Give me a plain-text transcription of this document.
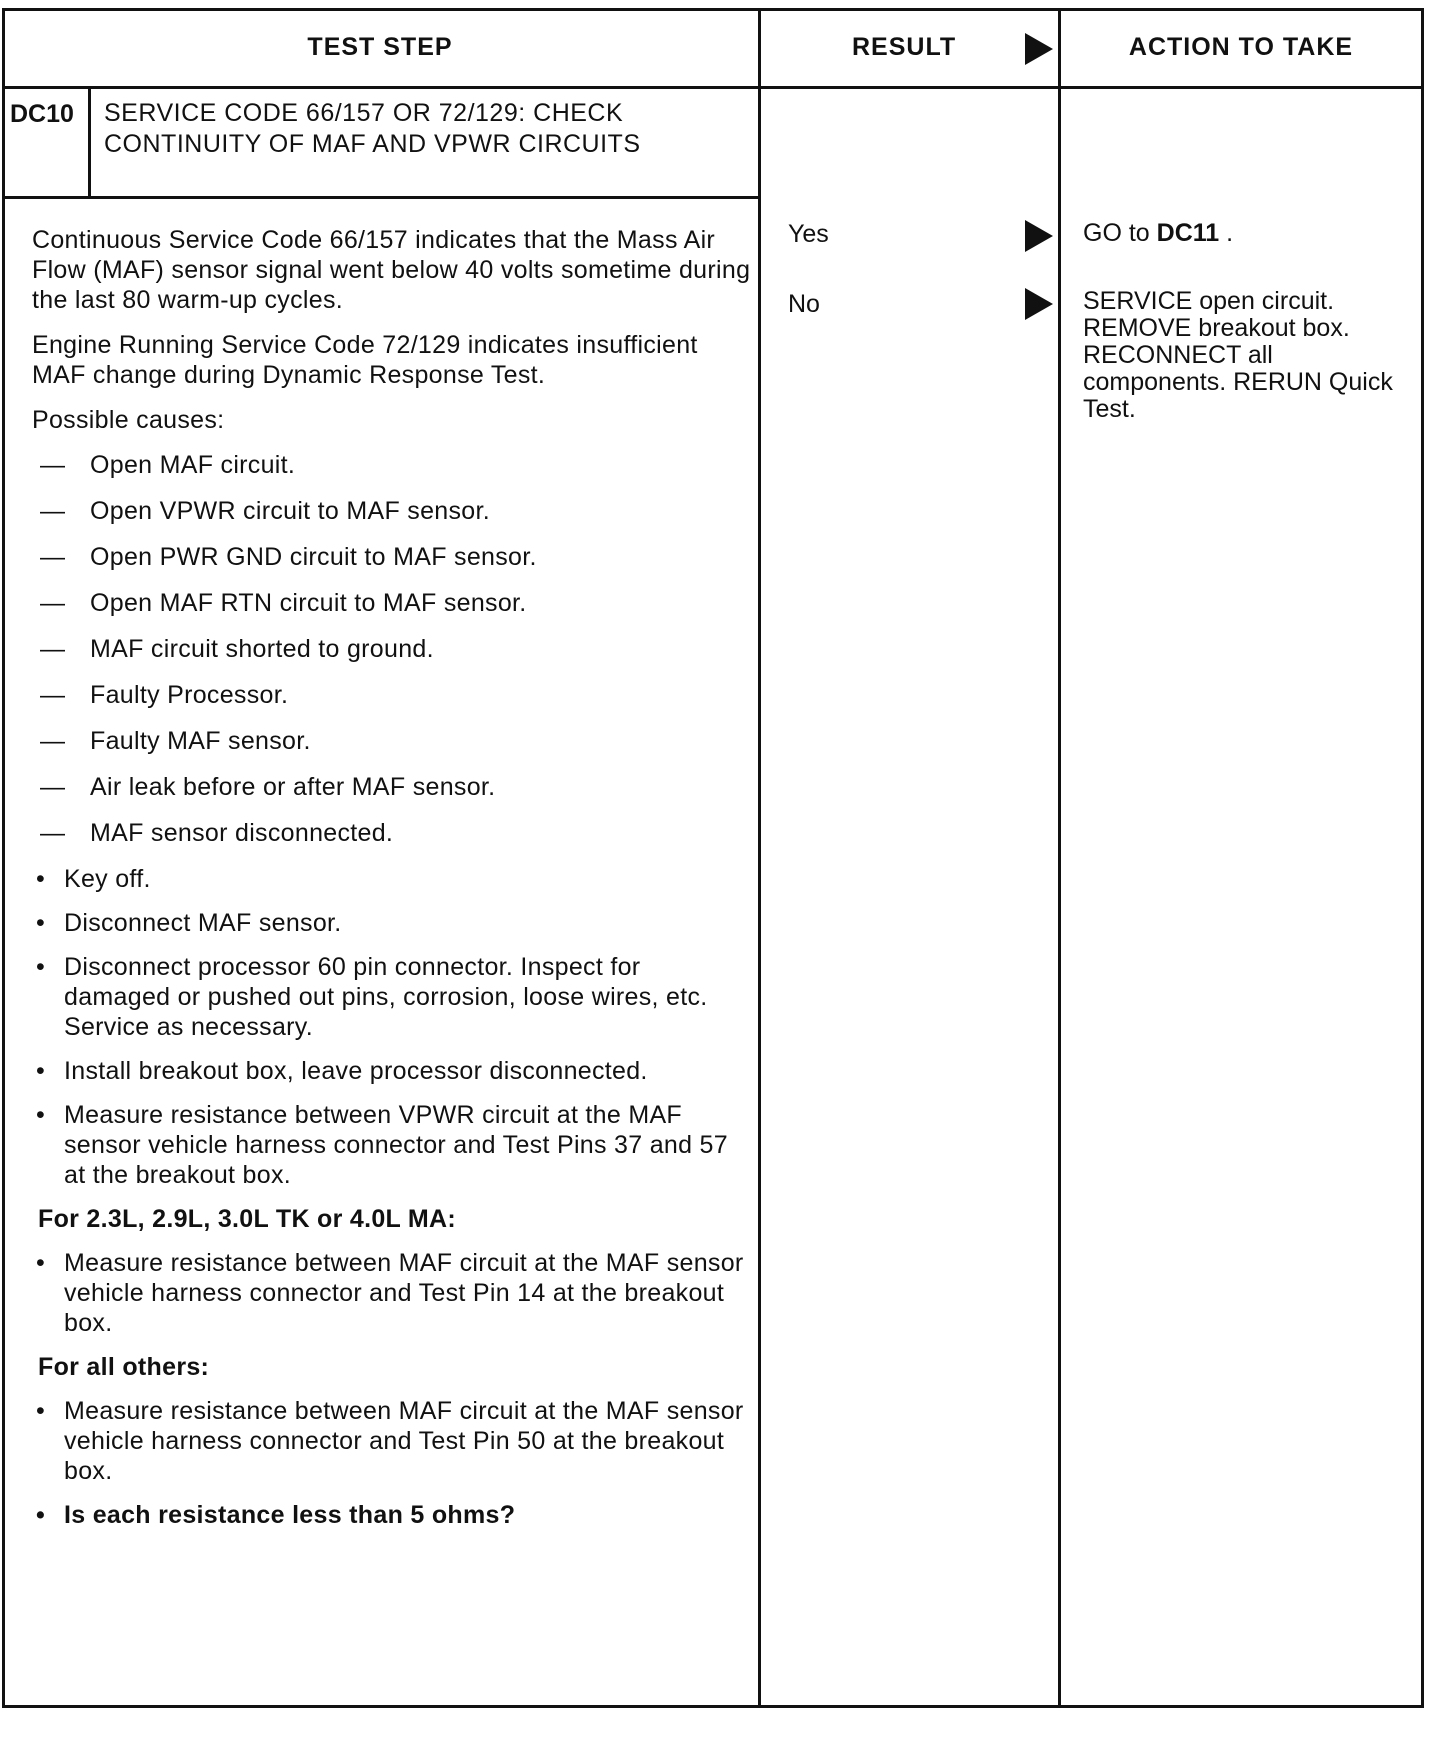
TEST STEP	RESULT	ACTION TO TAKE
DC10 SERVICE CODE 66/157 OR 72/129: CHECK CONTINUITY OF MAF AND VPWR CIRCUITS

Continuous Service Code 66/157 indicates that the Mass Air Flow (MAF) sensor signal went below 40 volts sometime during the last 80 warm-up cycles.

Engine Running Service Code 72/129 indicates insufficient MAF change during Dynamic Response Test.

Possible causes:

— Open MAF circuit.
— Open VPWR circuit to MAF sensor.
— Open PWR GND circuit to MAF sensor.
— Open MAF RTN circuit to MAF sensor.
— MAF circuit shorted to ground.
— Faulty Processor.
— Faulty MAF sensor.
— Air leak before or after MAF sensor.
— MAF sensor disconnected.
• Key off.
• Disconnect MAF sensor.
• Disconnect processor 60 pin connector. Inspect for damaged or pushed out pins, corrosion, loose wires, etc. Service as necessary.
• Install breakout box, leave processor disconnected.
• Measure resistance between VPWR circuit at the MAF sensor vehicle harness connector and Test Pins 37 and 57 at the breakout box.

For 2.3L, 2.9L, 3.0L TK or 4.0L MA:

• Measure resistance between MAF circuit at the MAF sensor vehicle harness connector and Test Pin 14 at the breakout box.

For all others:

• Measure resistance between MAF circuit at the MAF sensor vehicle harness connector and Test Pin 50 at the breakout box.
• Is each resistance less than 5 ohms?
Yes
No
GO to DC11 .
SERVICE open circuit. REMOVE breakout box. RECONNECT all components. RERUN Quick Test.
